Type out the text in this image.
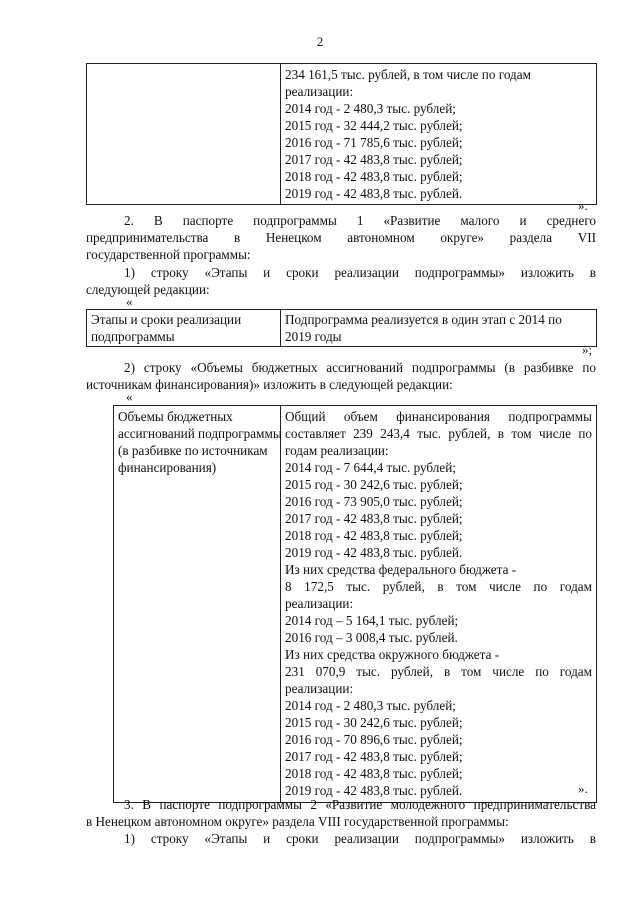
2

234 161,5 тыс. рублей, в том числе по годам
реализации:
2014 год - 2 480,3 тыс. рублей;
2015 год - 32 444,2 тыс. рублей;
2016 год - 71 785,6 тыс. рублей;
2017 год - 42 483,8 тыс. рублей;
2018 год - 42 483,8 тыс. рублей;
2019 год - 42 483,8 тыс. рублей.
».
2. В паспорте подпрограммы 1 «Развитие малого и среднего
предпринимательства в Ненецком автономном округе» раздела VII
государственной программы:
1) строку «Этапы и сроки реализации подпрограммы» изложить в
следующей редакции:
«
Этапы и сроки реализации
подпрограммы

Подпрограмма реализуется в один этап с 2014 по
2019 годы
»;
2) строку «Объемы бюджетных ассигнований подпрограммы (в разбивке по
источникам финансирования)» изложить в следующей редакции:
«
Объемы бюджетных
ассигнований подпрограммы
(в разбивке по источникам
финансирования)

Общий объем финансирования подпрограммы
составляет 239 243,4 тыс. рублей, в том числе по
годам реализации:
2014 год - 7 644,4 тыс. рублей;
2015 год - 30 242,6 тыс. рублей;
2016 год - 73 905,0 тыс. рублей;
2017 год - 42 483,8 тыс. рублей;
2018 год - 42 483,8 тыс. рублей;
2019 год - 42 483,8 тыс. рублей.
Из них средства федерального бюджета -
8 172,5 тыс. рублей, в том числе по годам
реализации:
2014 год – 5 164,1 тыс. рублей;
2016 год – 3 008,4 тыс. рублей.
Из них средства окружного бюджета -
231 070,9 тыс. рублей, в том числе по годам
реализации:
2014 год - 2 480,3 тыс. рублей;
2015 год - 30 242,6 тыс. рублей;
2016 год - 70 896,6 тыс. рублей;
2017 год - 42 483,8 тыс. рублей;
2018 год - 42 483,8 тыс. рублей;
2019 год - 42 483,8 тыс. рублей.	».
3. В паспорте подпрограммы 2 «Развитие молодежного предпринимательства
в Ненецком автономном округе» раздела VIII государственной программы:
1) строку «Этапы и сроки реализации подпрограммы» изложить в
